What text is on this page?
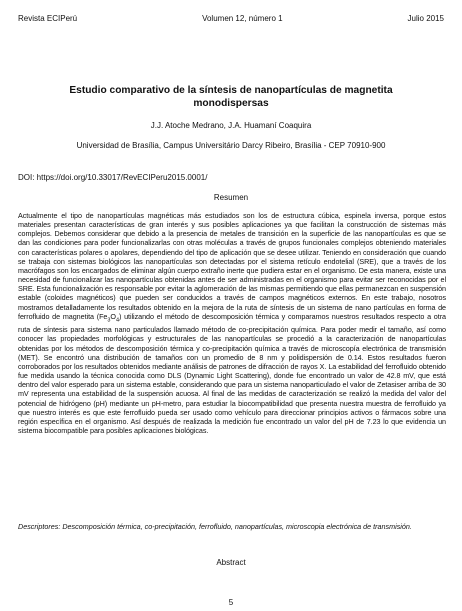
Revista ECIPerú	Volumen 12, número 1	Julio 2015
Estudio comparativo de la síntesis de nanopartículas de magnetita monodispersas
J.J. Atoche Medrano, J.A. Huamaní Coaquira
Universidad de Brasília, Campus Universitário Darcy Ribeiro, Brasília - CEP 70910-900
DOI: https://doi.org/10.33017/RevECIPeru2015.0001/
Resumen
Actualmente el tipo de nanopartículas magnéticas más estudiados son los de estructura cúbica, espinela inversa, porque estos materiales presentan características de gran interés y sus posibles aplicaciones ya que facilitan la construcción de sistemas más complejos. Debemos considerar que debido a la presencia de metales de transición en la superficie de las nanopartículas es que se dan las condiciones para poder funcionalizarlas con otras moléculas a través de grupos funcionales complejos obteniendo materiales con características polares o apolares, dependiendo del tipo de aplicación que se desee utilizar. Teniendo en consideración que cuando se trabaja con sistemas biológicos las nanopartículas son detectadas por el sistema retículo endotelial (SRE), que a través de los macrófagos son los encargados de eliminar algún cuerpo extraño inerte que pudiera estar en el organismo. De esta manera, existe una necesidad de funcionalizar las nanopartículas obtenidas antes de ser administradas en el organismo para evitar ser reconocidas por el SRE. Esta funcionalización es responsable por evitar la aglomeración de las mismas permitiendo que ellas permanezcan en suspensión estable (coloides magnéticos) que pueden ser conducidos a través de campos magnéticos externos. En este trabajo, nosotros mostramos detalladamente los resultados obtenido en la mejora de la ruta de síntesis de un sistema de nano partículas en forma de ferrofluido de magnetita $(Fe_3O_4)$ utilizando el método de descomposición térmica y comparamos nuestros resultados respecto a otra ruta de síntesis para sistema nano particulados llamado método de co-precipitación química. Para poder medir el tamaño, así como conocer las propiedades morfológicas y estructurales de las nanopartículas se procedió a la caracterización de nanopartículas obtenidas por los métodos de descomposición térmica y co-precipitación química a través de microscopía electrónica de transmisión (MET). Se encontró una distribución de tamaños con un promedio de 8 nm y polidispersión de 0.14. Estos resultados fueron corroborados por los resultados obtenidos mediante análisis de patrones de difracción de rayos X. La estabilidad del ferrofluido obtenido fue medida usando la técnica conocida como DLS (Dynamic Light Scattering), donde fue encontrado un valor de 42.8 mV, que está dentro del valor esperado para un sistema estable, considerando que para un sistema nanoparticulado el valor de Zetasiser arriba de 30 mV representa una estabilidad de la suspensión acuosa. Al final de las medidas de caracterización se realizó la medida del valor del potencial de hidrógeno (pH) mediante un pH-metro, para estudiar la biocompatibilidad que presenta nuestra muestra de ferrofluido ya que nuestro interés es que este ferrofluido pueda ser usado como vehículo para direccionar principios activos o fármacos sobre una región específica en el organismo. Así después de realizada la medición fue encontrado un valor del pH de 7.23 lo que evidencia un sistema biocompatible para posibles aplicaciones biológicas.
Descriptores: Descomposición térmica, co-precipitación, ferrofluido, nanopartículas, microscopia electrónica de transmisión.
Abstract
5
